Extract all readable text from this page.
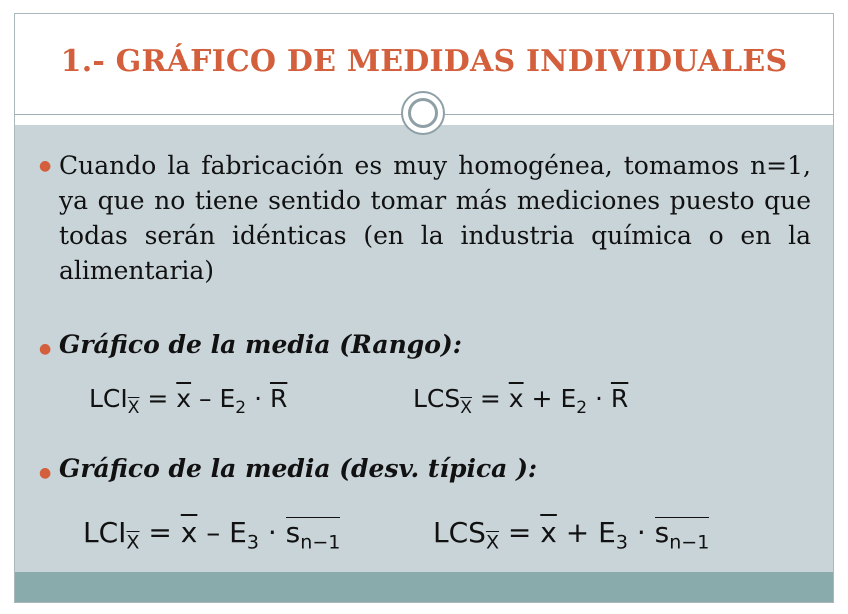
1.- GRÁFICO DE MEDIDAS INDIVIDUALES
● Cuando la fabricación es muy homogénea, tomamos n=1, ya que no tiene sentido tomar más mediciones puesto que todas serán idénticas (en la industria química o en la alimentaria)
● Gráfico de la media (Rango):
$LCI_{\overline{X}} = \overline{x} - E_2 \cdot \overline{R}$	$LCS_{\overline{X}} = \overline{x} + E_2 \cdot \overline{R}$
● Gráfico de la media (desv. típica ):
$LCI_{\overline{X}} = \overline{x} - E_3 \cdot s_{n-1}$	$LCS_{\overline{X}} = \overline{x} + E_3 \cdot s_{n-1}$
